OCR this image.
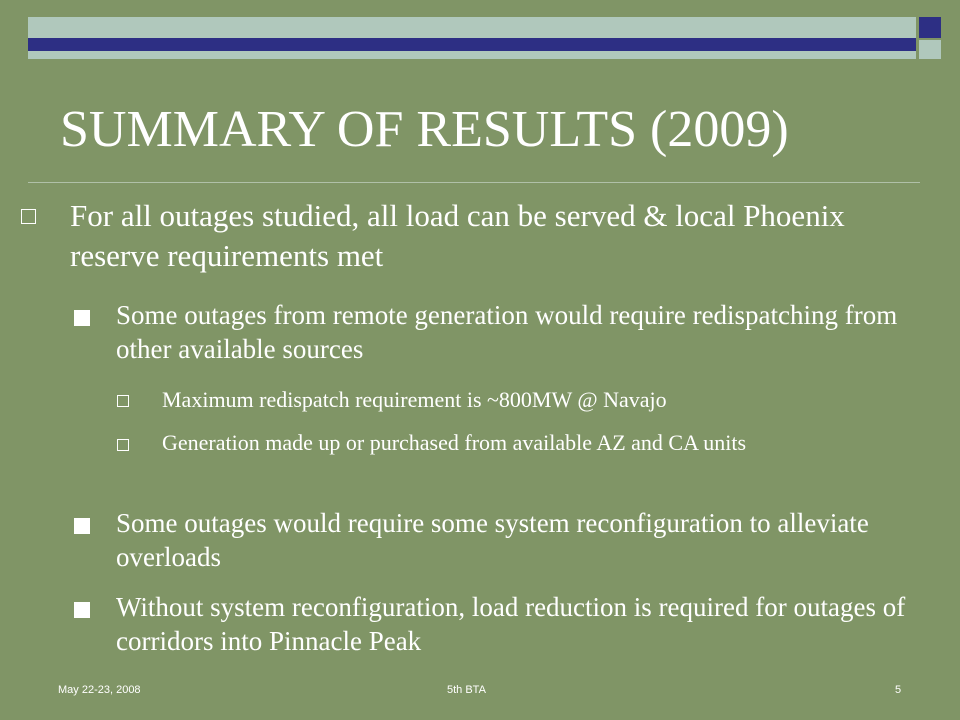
SUMMARY OF RESULTS (2009)
For all outages studied, all load can be served & local Phoenix reserve requirements met
Some outages from remote generation would require redispatching from other available sources
Maximum redispatch requirement is ~800MW @ Navajo
Generation made up or purchased from available AZ and CA units
Some outages would require some system reconfiguration to alleviate overloads
Without system reconfiguration, load reduction is required for outages of corridors into Pinnacle Peak
May 22-23, 2008	5th BTA	5
